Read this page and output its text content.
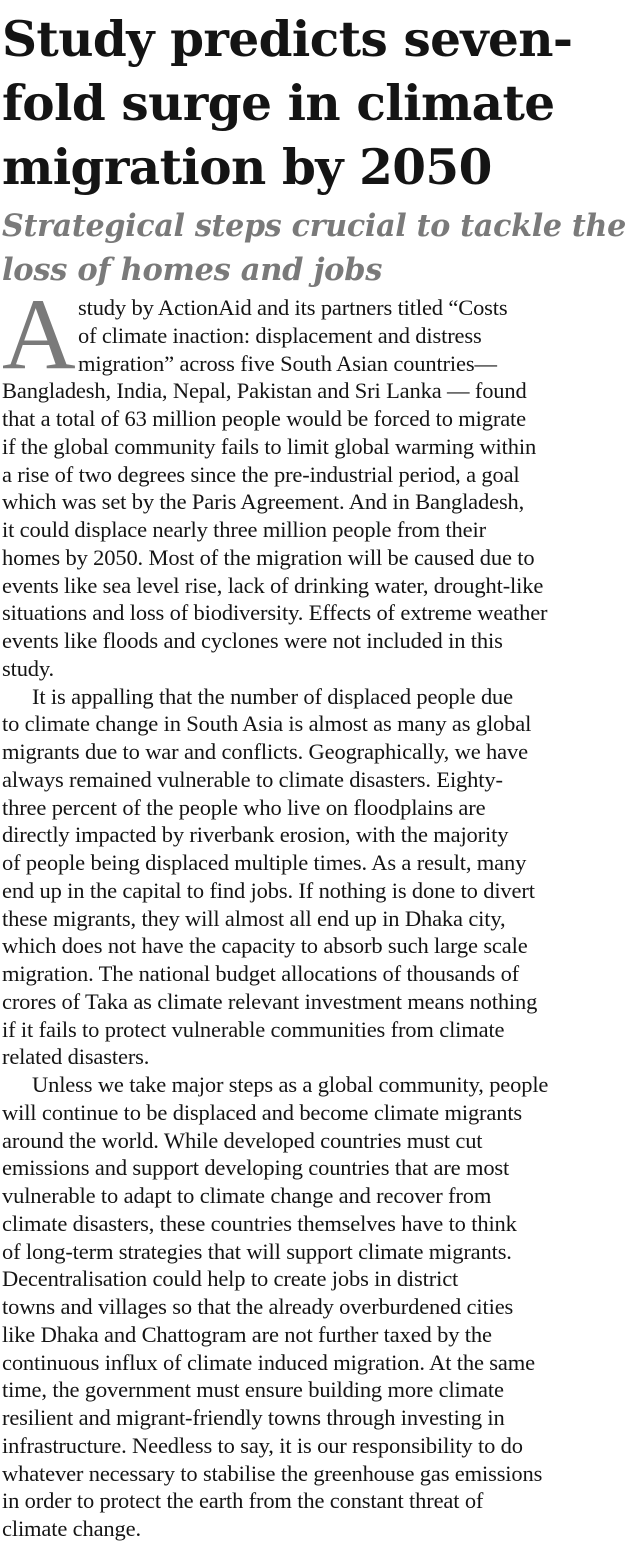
Study predicts seven-
fold surge in climate
migration by 2050
Strategical steps crucial to tackle the
loss of homes and jobs
A study by ActionAid and its partners titled “Costs
of climate inaction: displacement and distress
migration” across five South Asian countries—
Bangladesh, India, Nepal, Pakistan and Sri Lanka — found
that a total of 63 million people would be forced to migrate
if the global community fails to limit global warming within
a rise of two degrees since the pre-industrial period, a goal
which was set by the Paris Agreement. And in Bangladesh,
it could displace nearly three million people from their
homes by 2050. Most of the migration will be caused due to
events like sea level rise, lack of drinking water, drought-like
situations and loss of biodiversity. Effects of extreme weather
events like floods and cyclones were not included in this
study.
It is appalling that the number of displaced people due
to climate change in South Asia is almost as many as global
migrants due to war and conflicts. Geographically, we have
always remained vulnerable to climate disasters. Eighty-
three percent of the people who live on floodplains are
directly impacted by riverbank erosion, with the majority
of people being displaced multiple times. As a result, many
end up in the capital to find jobs. If nothing is done to divert
these migrants, they will almost all end up in Dhaka city,
which does not have the capacity to absorb such large scale
migration. The national budget allocations of thousands of
crores of Taka as climate relevant investment means nothing
if it fails to protect vulnerable communities from climate
related disasters.
Unless we take major steps as a global community, people
will continue to be displaced and become climate migrants
around the world. While developed countries must cut
emissions and support developing countries that are most
vulnerable to adapt to climate change and recover from
climate disasters, these countries themselves have to think
of long-term strategies that will support climate migrants.
Decentralisation could help to create jobs in district
towns and villages so that the already overburdened cities
like Dhaka and Chattogram are not further taxed by the
continuous influx of climate induced migration. At the same
time, the government must ensure building more climate
resilient and migrant-friendly towns through investing in
infrastructure. Needless to say, it is our responsibility to do
whatever necessary to stabilise the greenhouse gas emissions
in order to protect the earth from the constant threat of
climate change.
